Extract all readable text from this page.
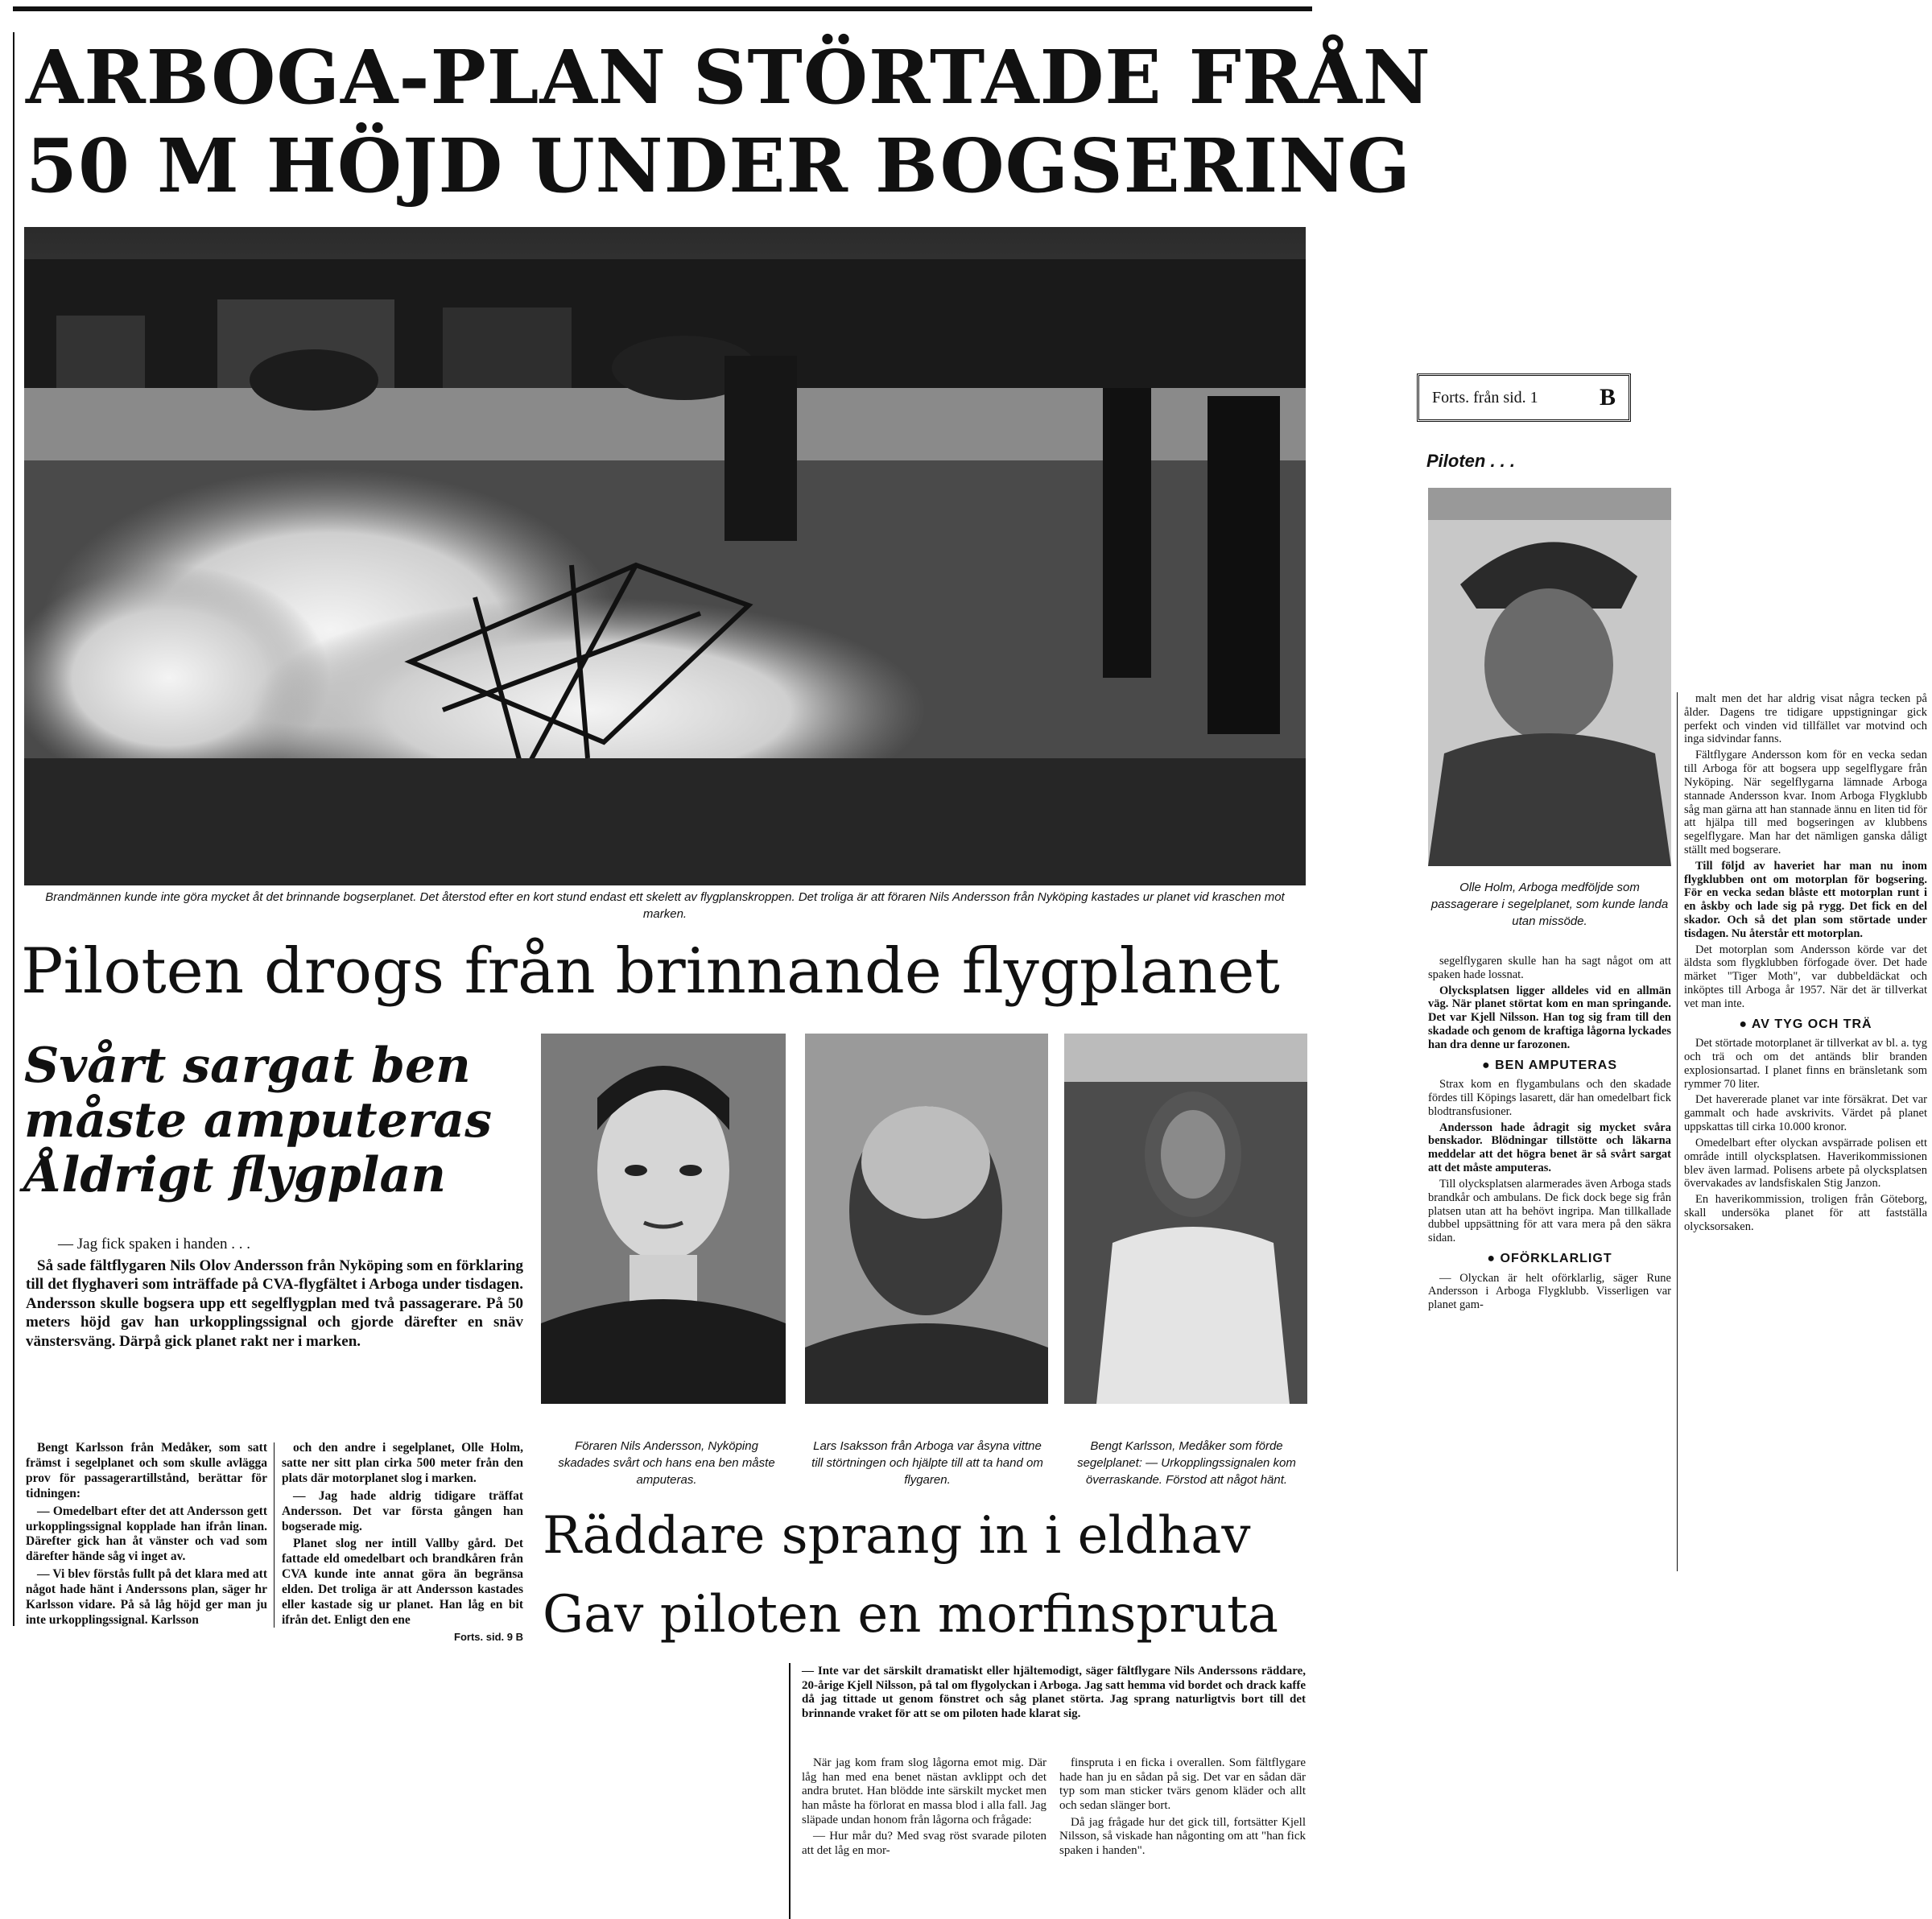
ARBOGA-PLAN STÖRTADE FRÅN
50 M HÖJD UNDER BOGSERING
Brandmännen kunde inte göra mycket åt det brinnande bogserplanet. Det återstod efter en kort stund endast ett skelett av flygplanskroppen. Det troliga är att föraren Nils Andersson från Nyköping kastades ur planet vid kraschen mot marken.
Piloten drogs från brinnande flygplanet
Svårt sargat ben
måste amputeras
Åldrigt flygplan

— Jag fick spaken i handen . . .

Så sade fältflygaren Nils Olov Andersson från Nyköping som en förklaring till det flyghaveri som inträffade på CVA-flygfältet i Arboga under tisdagen. Andersson skulle bogsera upp ett segelflygplan med två passagerare. På 50 meters höjd gav han urkopplingssignal och gjorde därefter en snäv vänstersväng. Därpå gick planet rakt ner i marken.

Bengt Karlsson från Medåker, som satt främst i segelplanet och som skulle avlägga prov för passagerartillstånd, berättar för tidningen:

— Omedelbart efter det att Andersson gett urkopplingssignal kopplade han ifrån linan. Därefter gick han åt vänster och vad som därefter hände såg vi inget av.

— Vi blev förstås fullt på det klara med att något hade hänt i Anderssons plan, säger hr Karlsson vidare. På så låg höjd ger man ju inte urkopplingssignal. Karlsson

och den andre i segelplanet, Olle Holm, satte ner sitt plan cirka 500 meter från den plats där motorplanet slog i marken.

— Jag hade aldrig tidigare träffat Andersson. Det var första gången han bogserade mig.

Planet slog ner intill Vallby gård. Det fattade eld omedelbart och brandkåren från CVA kunde inte annat göra än begränsa elden. Det troliga är att Andersson kastades eller kastade sig ur planet. Han låg en bit ifrån det. Enligt den ene

Forts. sid. 9 B
Föraren Nils Andersson, Nyköping skadades svårt och hans ena ben måste amputeras.
Lars Isaksson från Arboga var åsyna vittne till störtningen och hjälpte till att ta hand om flygaren.
Bengt Karlsson, Medåker som förde segelplanet: — Urkopplingssignalen kom överraskande. Förstod att något hänt.
Räddare sprang in i eldhav
Gav piloten en morfinspruta
— Inte var det särskilt dramatiskt eller hjältemodigt, säger fältflygare Nils Anderssons räddare, 20-årige Kjell Nilsson, på tal om flygolyckan i Arboga. Jag satt hemma vid bordet och drack kaffe då jag tittade ut genom fönstret och såg planet störta. Jag sprang naturligtvis bort till det brinnande vraket för att se om piloten hade klarat sig.

När jag kom fram slog lågorna emot mig. Där låg han med ena benet nästan avklippt och det andra brutet. Han blödde inte särskilt mycket men han måste ha förlorat en massa blod i alla fall. Jag släpade undan honom från lågorna och frågade:

— Hur mår du? Med svag röst svarade piloten att det låg en mor-

finspruta i en ficka i overallen. Som fältflygare hade han ju en sådan på sig. Det var en sådan där typ som man sticker tvärs genom kläder och allt och sedan slänger bort.

Då jag frågade hur det gick till, fortsätter Kjell Nilsson, så viskade han någonting om att "han fick spaken i handen".

Forts. från sid. 1	B
Piloten . . .
Olle Holm, Arboga medföljde som passagerare i segelplanet, som kunde landa utan missöde.

segelflygaren skulle han ha sagt något om att spaken hade lossnat.

Olycksplatsen ligger alldeles vid en allmän väg. När planet störtat kom en man springande. Det var Kjell Nilsson. Han tog sig fram till den skadade och genom de kraftiga lågorna lyckades han dra denne ur farozonen.

● BEN AMPUTERAS

Strax kom en flygambulans och den skadade fördes till Köpings lasarett, där han omedelbart fick blodtransfusioner.

Andersson hade ådragit sig mycket svåra benskador. Blödningar tillstötte och läkarna meddelar att det högra benet är så svårt sargat att det måste amputeras.

Till olycksplatsen alarmerades även Arboga stads brandkår och ambulans. De fick dock bege sig från platsen utan att ha behövt ingripa. Man tillkallade dubbel uppsättning för att vara mera på den säkra sidan.

● OFÖRKLARLIGT

— Olyckan är helt oförklarlig, säger Rune Andersson i Arboga Flygklubb. Visserligen var planet gam-

malt men det har aldrig visat några tecken på ålder. Dagens tre tidigare uppstigningar gick perfekt och vinden vid tillfället var motvind och inga sidvindar fanns.

Fältflygare Andersson kom för en vecka sedan till Arboga för att bogsera upp segelflygare från Nyköping. När segelflygarna lämnade Arboga stannade Andersson kvar. Inom Arboga Flygklubb såg man gärna att han stannade ännu en liten tid för att hjälpa till med bogseringen av klubbens segelflygare. Man har det nämligen ganska dåligt ställt med bogserare.

Till följd av haveriet har man nu inom flygklubben ont om motorplan för bogsering. För en vecka sedan blåste ett motorplan runt i en åskby och lade sig på rygg. Det fick en del skador. Och så det plan som störtade under tisdagen. Nu återstår ett motorplan.

Det motorplan som Andersson körde var det äldsta som flygklubben förfogade över. Det hade märket "Tiger Moth", var dubbeldäckat och inköptes till Arboga år 1957. När det är tillverkat vet man inte.

● AV TYG OCH TRÄ

Det störtade motorplanet är tillverkat av bl. a. tyg och trä och om det antänds blir branden explosionsartad. I planet finns en bränsletank som rymmer 70 liter.

Det havererade planet var inte försäkrat. Det var gammalt och hade avskrivits. Värdet på planet uppskattas till cirka 10.000 kronor.

Omedelbart efter olyckan avspärrade polisen ett område intill olycksplatsen. Haverikommissionen blev även larmad. Polisens arbete på olycksplatsen övervakades av landsfiskalen Stig Janzon.

En haverikommission, troligen från Göteborg, skall undersöka planet för att fastställa olycksorsaken.
